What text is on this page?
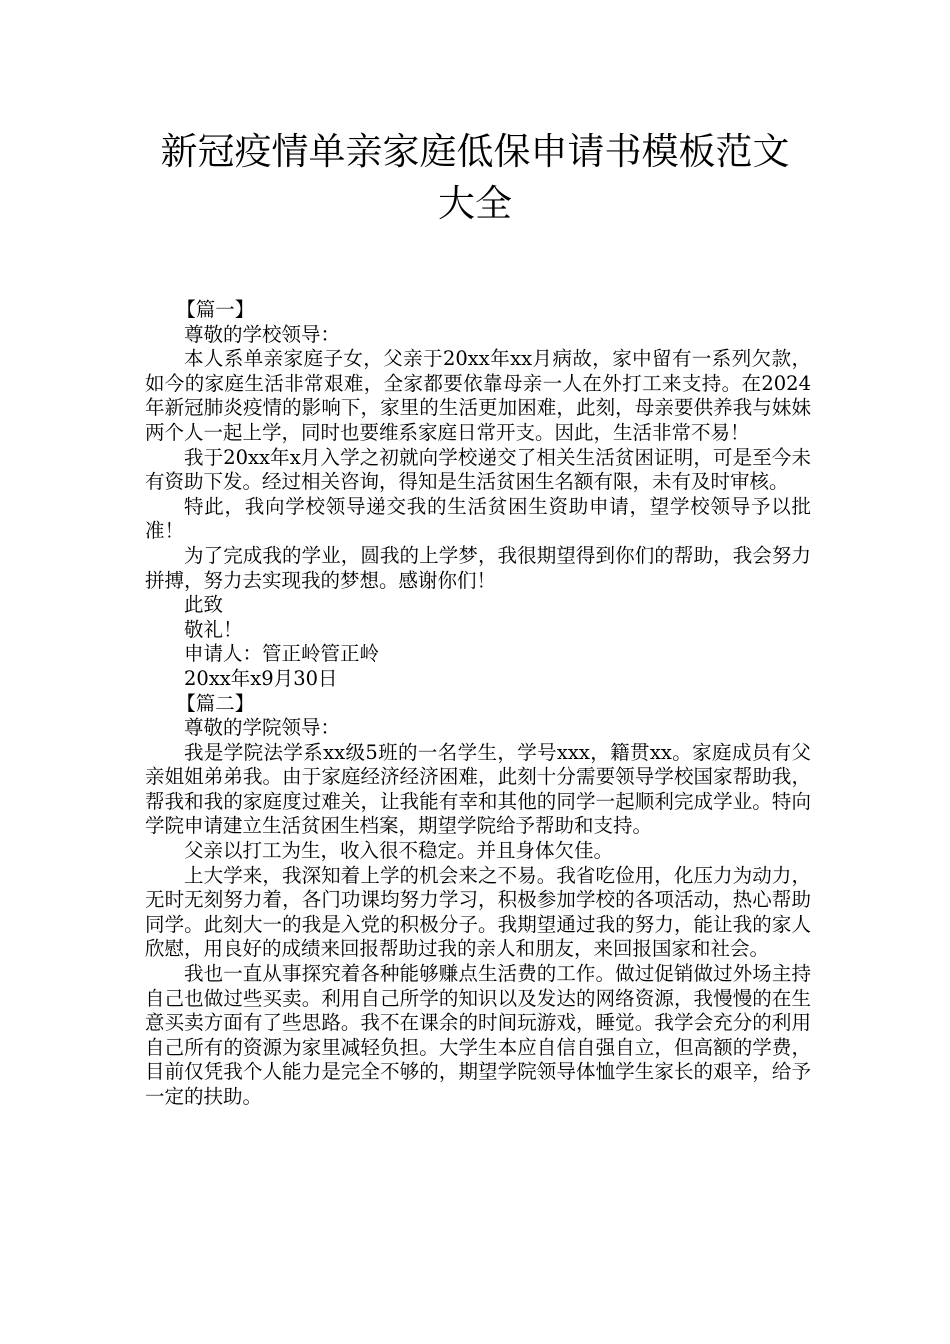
新冠疫情单亲家庭低保申请书模板范文
大全

【篇一】

尊敬的学校领导：

本人系单亲家庭子女，父亲于20xx年xx月病故，家中留有一系列欠款，如今的家庭生活非常艰难，全家都要依靠母亲一人在外打工来支持。在2024年新冠肺炎疫情的影响下，家里的生活更加困难，此刻，母亲要供养我与妹妹两个人一起上学，同时也要维系家庭日常开支。因此，生活非常不易！

我于20xx年x月入学之初就向学校递交了相关生活贫困证明，可是至今未有资助下发。经过相关咨询，得知是生活贫困生名额有限，未有及时审核。

特此，我向学校领导递交我的生活贫困生资助申请，望学校领导予以批准！

为了完成我的学业，圆我的上学梦，我很期望得到你们的帮助，我会努力拼搏，努力去实现我的梦想。感谢你们！

此致

敬礼！

申请人：管正岭管正岭

20xx年x9月30日

【篇二】

尊敬的学院领导：

我是学院法学系xx级5班的一名学生，学号xxx，籍贯xx。家庭成员有父亲姐姐弟弟我。由于家庭经济经济困难，此刻十分需要领导学校国家帮助我，帮我和我的家庭度过难关，让我能有幸和其他的同学一起顺利完成学业。特向学院申请建立生活贫困生档案，期望学院给予帮助和支持。

父亲以打工为生，收入很不稳定。并且身体欠佳。

上大学来，我深知着上学的机会来之不易。我省吃俭用，化压力为动力，无时无刻努力着，各门功课均努力学习，积极参加学校的各项活动，热心帮助同学。此刻大一的我是入党的积极分子。我期望通过我的努力，能让我的家人欣慰，用良好的成绩来回报帮助过我的亲人和朋友，来回报国家和社会。

我也一直从事探究着各种能够赚点生活费的工作。做过促销做过外场主持自己也做过些买卖。利用自己所学的知识以及发达的网络资源，我慢慢的在生意买卖方面有了些思路。我不在课余的时间玩游戏，睡觉。我学会充分的利用自己所有的资源为家里减轻负担。大学生本应自信自强自立，但高额的学费，目前仅凭我个人能力是完全不够的，期望学院领导体恤学生家长的艰辛，给予一定的扶助。
